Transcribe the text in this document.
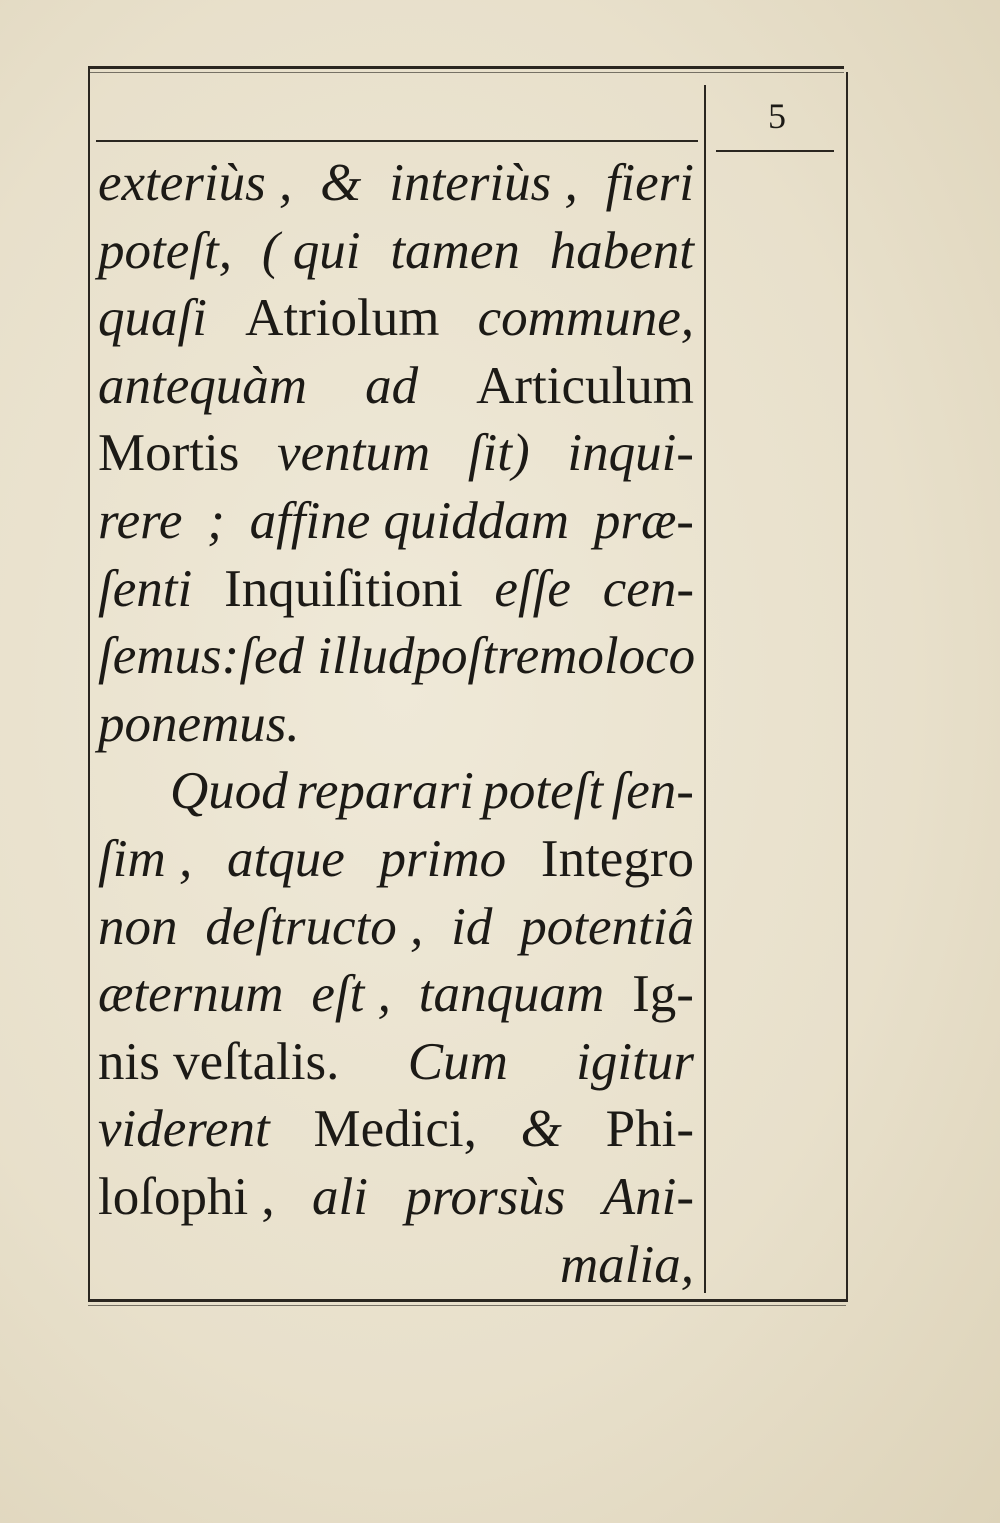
5
exteriùs , & interiùs , fieri
poteſt, ( qui tamen habent
quaſi Atriolum commune,
antequàm ad Articulum
Mortis ventum ſit) inqui-
rere ; affine quiddam præ-
ſenti Inquiſitioni eſſe cen-
ſemus: ſed illud poſtremo loco
ponemus.
Quod reparari poteſt ſen-
ſim , atque primo Integro
non deſtructo , id potentiâ
æternum eſt , tanquam Ig-
nis veſtalis. Cum igitur
viderent Medici, & Phi-
loſophi , ali prorsùs Ani-
malia,
